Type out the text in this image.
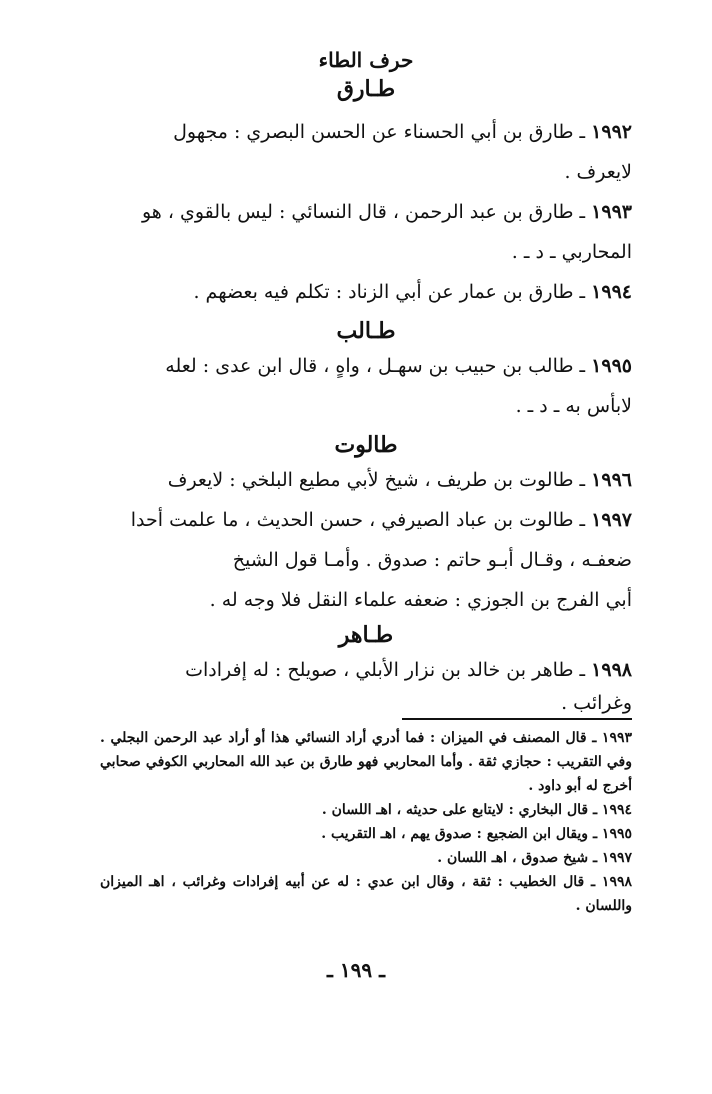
حرف الطاء
طـارق

١٩٩٢ ـ طارق بن أبي الحسناء عن الحسن البصري : مجهول
لايعرف .

١٩٩٣ ـ طارق بن عبد الرحمن ، قال النسائي : ليس بالقوي ، هو
المحاربي ـ د ـ .

١٩٩٤ ـ طارق بن عمار عن أبي الزناد : تكلم فيه بعضهم .

طـالب

١٩٩٥ ـ طالب بن حبيب بن سهـل ، واهٍ ، قال ابن عدى : لعله
لابأس به ـ د ـ .

طالوت

١٩٩٦ ـ طالوت بن طريف ، شيخ لأبي مطيع البلخي : لايعرف

١٩٩٧ ـ طالوت بن عباد الصيرفي ، حسن الحديث ، ما علمت أحدا
ضعفـه ، وقـال أبـو حاتم : صدوق . وأمـا قول الشيخ
أبي الفرج بن الجوزي : ضعفه علماء النقل فلا وجه له .

طـاهر

١٩٩٨ ـ طاهر بن خالد بن نزار الأبلي ، صويلح : له إفرادات
وغرائب .

١٩٩٣ ـ قال المصنف في الميزان : فما أدري أراد النسائي هذا أو أراد عبد الرحمن البجلي . وفي التقريب : حجازي ثقة . وأما المحاربي فهو طارق بن عبد الله المحاربي الكوفي صحابي أخرج له أبو داود .

١٩٩٤ ـ قال البخاري : لايتابع على حديثه ، اهـ اللسان .

١٩٩٥ ـ ويقال ابن الضجيع : صدوق يهم ، اهـ التقريب .

١٩٩٧ ـ شيخ صدوق ، اهـ اللسان .

١٩٩٨ ـ قال الخطيب : ثقة ، وقال ابن عدي : له عن أبيه إفرادات وغرائب ، اهـ الميزان واللسان .

ـ ١٩٩ ـ
